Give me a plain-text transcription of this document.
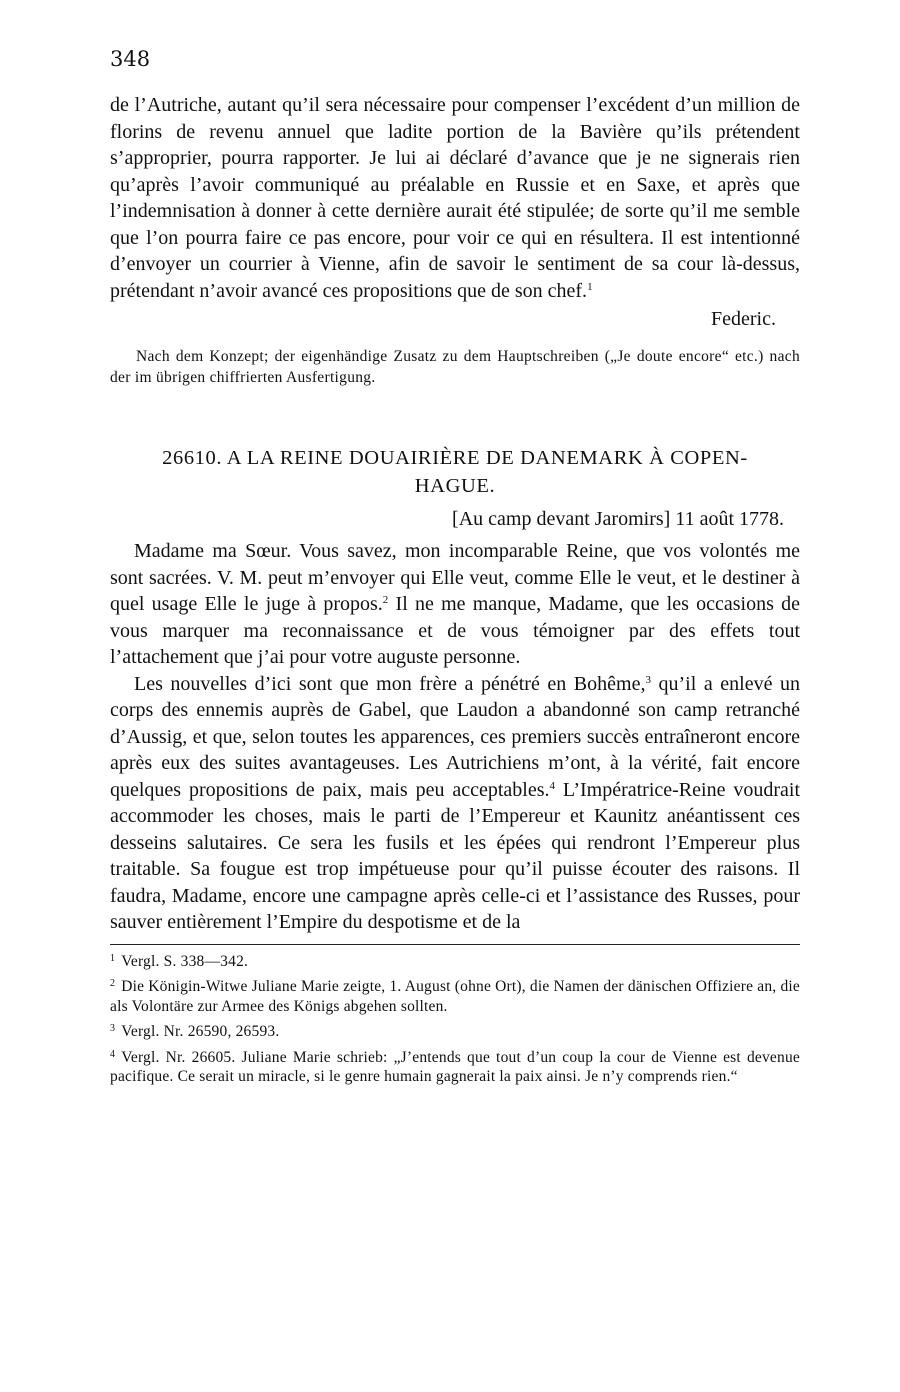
348

de l’Autriche, autant qu’il sera nécessaire pour compenser l’excédent d’un million de florins de revenu annuel que ladite portion de la Bavière qu’ils prétendent s’approprier, pourra rapporter. Je lui ai déclaré d’avance que je ne signerais rien qu’après l’avoir communiqué au préalable en Russie et en Saxe, et après que l’indemnisation à donner à cette dernière aurait été stipulée; de sorte qu’il me semble que l’on pourra faire ce pas encore, pour voir ce qui en résultera. Il est intentionné d’envoyer un courrier à Vienne, afin de savoir le sentiment de sa cour là-dessus, prétendant n’avoir avancé ces propositions que de son chef.$^1$

Federic.

Nach dem Konzept; der eigenhändige Zusatz zu dem Hauptschreiben („Je doute encore“ etc.) nach der im übrigen chiffrierten Ausfertigung.

26610. A LA REINE DOUAIRIÈRE DE DANEMARK À COPEN-
HAGUE.
[Au camp devant Jaromirs] 11 août 1778.

Madame ma Sœur. Vous savez, mon incomparable Reine, que vos volontés me sont sacrées. V. M. peut m’envoyer qui Elle veut, comme Elle le veut, et le destiner à quel usage Elle le juge à propos.$^2$ Il ne me manque, Madame, que les occasions de vous marquer ma reconnaissance et de vous témoigner par des effets tout l’attachement que j’ai pour votre auguste personne.

Les nouvelles d’ici sont que mon frère a pénétré en Bohême,$^3$ qu’il a enlevé un corps des ennemis auprès de Gabel, que Laudon a abandonné son camp retranché d’Aussig, et que, selon toutes les apparences, ces premiers succès entraîneront encore après eux des suites avantageuses. Les Autrichiens m’ont, à la vérité, fait encore quelques propositions de paix, mais peu acceptables.$^4$ L’Impératrice-Reine voudrait accommoder les choses, mais le parti de l’Empereur et Kaunitz anéantissent ces desseins salutaires. Ce sera les fusils et les épées qui rendront l’Empereur plus traitable. Sa fougue est trop impétueuse pour qu’il puisse écouter des raisons. Il faudra, Madame, encore une campagne après celle-ci et l’assistance des Russes, pour sauver entièrement l’Empire du despotisme et de la

$^1$ Vergl. S. 338—342.

$^2$ Die Königin-Witwe Juliane Marie zeigte, 1. August (ohne Ort), die Namen der dänischen Offiziere an, die als Volontäre zur Armee des Königs abgehen sollten.

$^3$ Vergl. Nr. 26590, 26593.

$^4$ Vergl. Nr. 26605. Juliane Marie schrieb: „J’entends que tout d’un coup la cour de Vienne est devenue pacifique. Ce serait un miracle, si le genre humain gagnerait la paix ainsi. Je n’y comprends rien.“
